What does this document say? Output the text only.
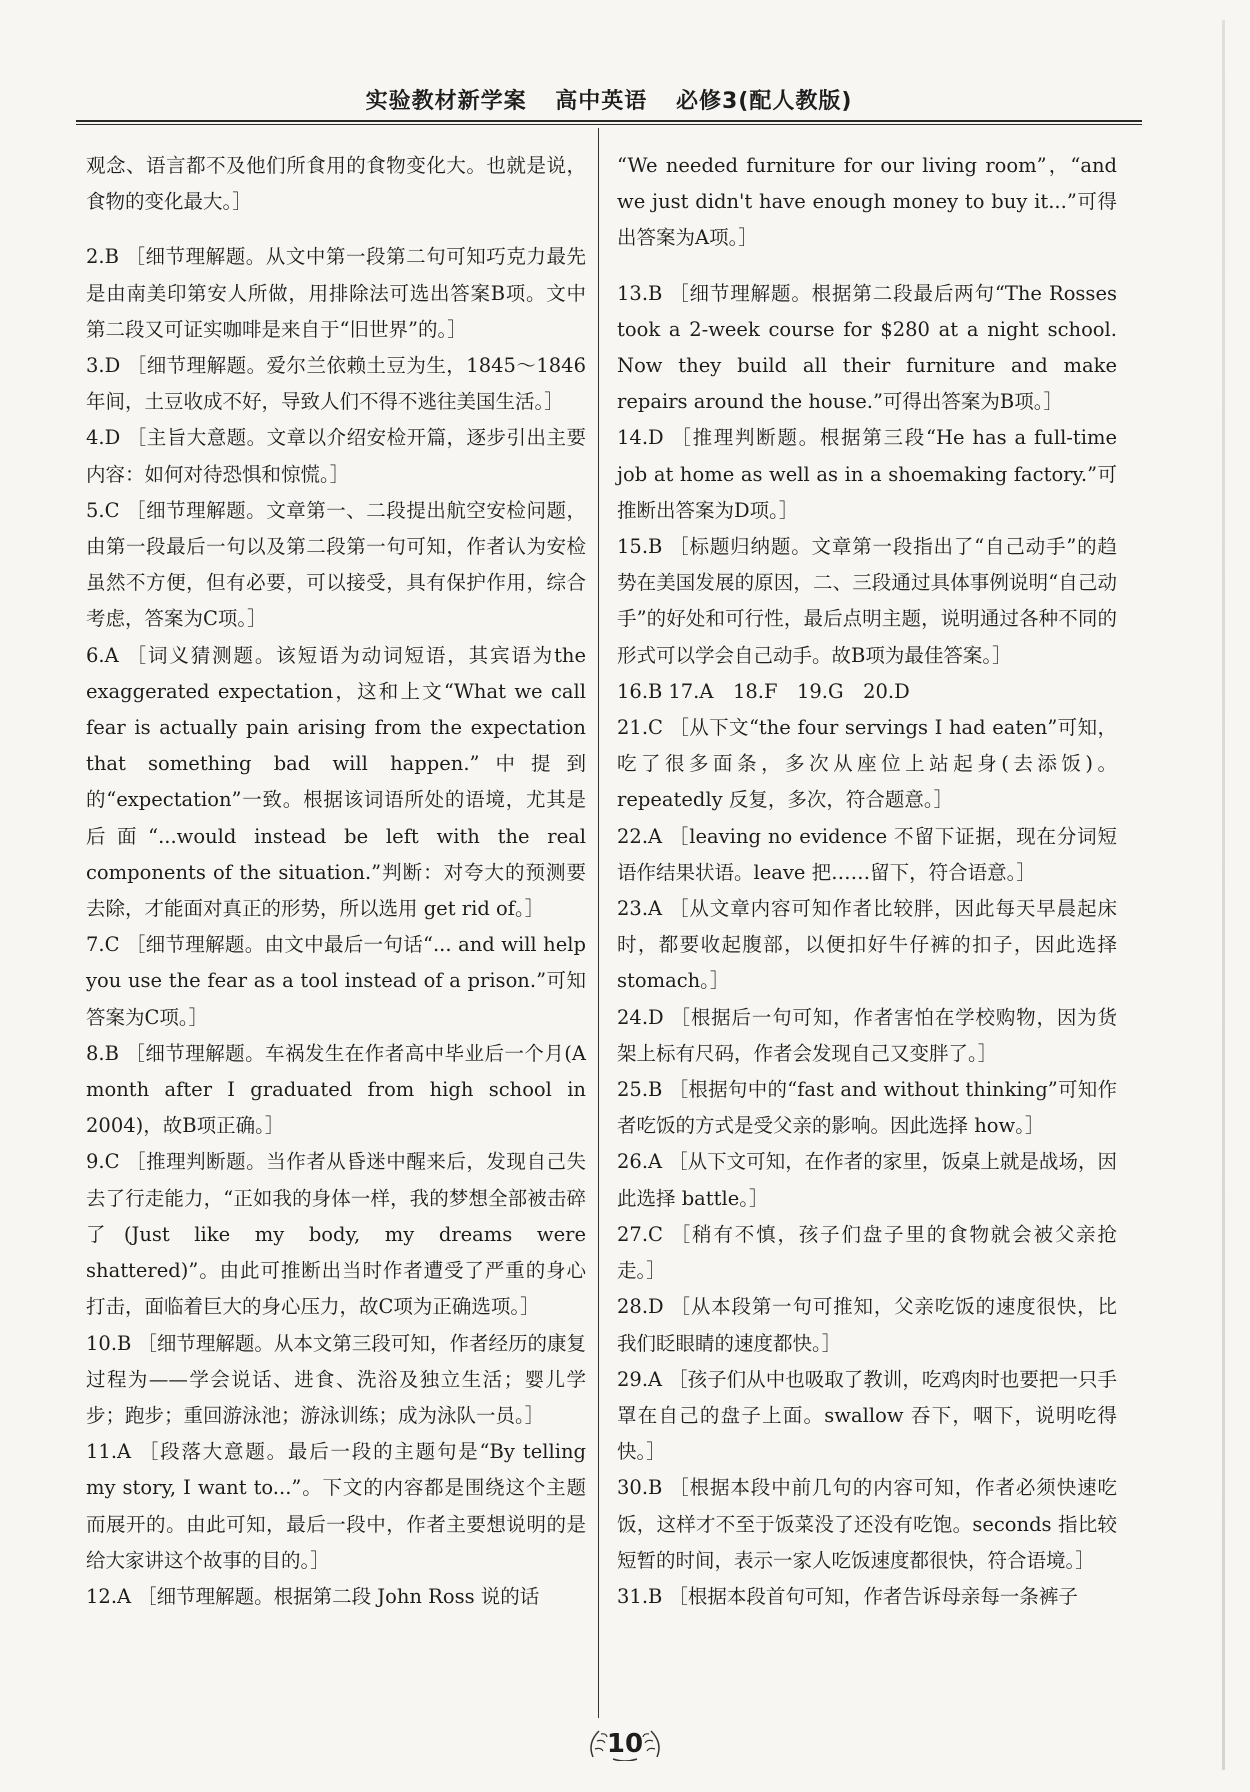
实验教材新学案 高中英语 必修3(配人教版)

观念、语言都不及他们所食用的食物变化大。也就是说，食物的变化最大。］

2.B ［细节理解题。从文中第一段第二句可知巧克力最先是由南美印第安人所做，用排除法可选出答案B项。文中第二段又可证实咖啡是来自于“旧世界”的。］

3.D ［细节理解题。爱尔兰依赖土豆为生，1845～1846年间，土豆收成不好，导致人们不得不逃往美国生活。］

4.D ［主旨大意题。文章以介绍安检开篇，逐步引出主要内容：如何对待恐惧和惊慌。］

5.C ［细节理解题。文章第一、二段提出航空安检问题，由第一段最后一句以及第二段第一句可知，作者认为安检虽然不方便，但有必要，可以接受，具有保护作用，综合考虑，答案为C项。］

6.A ［词义猜测题。该短语为动词短语，其宾语为the exaggerated expectation，这和上文“What we call fear is actually pain arising from the expectation that something bad will happen.”中提到的“expectation”一致。根据该词语所处的语境，尤其是后面“...would instead be left with the real components of the situation.”判断：对夸大的预测要去除，才能面对真正的形势，所以选用 get rid of。］

7.C ［细节理解题。由文中最后一句话“... and will help you use the fear as a tool instead of a prison.”可知答案为C项。］

8.B ［细节理解题。车祸发生在作者高中毕业后一个月(A month after I graduated from high school in 2004)，故B项正确。］

9.C ［推理判断题。当作者从昏迷中醒来后，发现自己失去了行走能力，“正如我的身体一样，我的梦想全部被击碎了(Just like my body, my dreams were shattered)”。由此可推断出当时作者遭受了严重的身心打击，面临着巨大的身心压力，故C项为正确选项。］

10.B ［细节理解题。从本文第三段可知，作者经历的康复过程为——学会说话、进食、洗浴及独立生活；婴儿学步；跑步；重回游泳池；游泳训练；成为泳队一员。］

11.A ［段落大意题。最后一段的主题句是“By telling my story, I want to...”。下文的内容都是围绕这个主题而展开的。由此可知，最后一段中，作者主要想说明的是给大家讲这个故事的目的。］

12.A ［细节理解题。根据第二段 John Ross 说的话

“We needed furniture for our living room”，“and we just didn't have enough money to buy it...”可得出答案为A项。］

13.B ［细节理解题。根据第二段最后两句“The Rosses took a 2-week course for $280 at a night school. Now they build all their furniture and make repairs around the house.”可得出答案为B项。］

14.D ［推理判断题。根据第三段“He has a full-time job at home as well as in a shoemaking factory.”可推断出答案为D项。］

15.B ［标题归纳题。文章第一段指出了“自己动手”的趋势在美国发展的原因，二、三段通过具体事例说明“自己动手”的好处和可行性，最后点明主题，说明通过各种不同的形式可以学会自己动手。故B项为最佳答案。］

16.B 17.A　18.F　19.G　20.D

21.C ［从下文“the four servings I had eaten”可知，吃了很多面条，多次从座位上站起身(去添饭)。repeatedly 反复，多次，符合题意。］

22.A ［leaving no evidence 不留下证据，现在分词短语作结果状语。leave 把……留下，符合语意。］

23.A ［从文章内容可知作者比较胖，因此每天早晨起床时，都要收起腹部，以便扣好牛仔裤的扣子，因此选择 stomach。］

24.D ［根据后一句可知，作者害怕在学校购物，因为货架上标有尺码，作者会发现自己又变胖了。］

25.B ［根据句中的“fast and without thinking”可知作者吃饭的方式是受父亲的影响。因此选择 how。］

26.A ［从下文可知，在作者的家里，饭桌上就是战场，因此选择 battle。］

27.C ［稍有不慎，孩子们盘子里的食物就会被父亲抢走。］

28.D ［从本段第一句可推知，父亲吃饭的速度很快，比我们眨眼睛的速度都快。］

29.A ［孩子们从中也吸取了教训，吃鸡肉时也要把一只手罩在自己的盘子上面。swallow 吞下，咽下，说明吃得快。］

30.B ［根据本段中前几句的内容可知，作者必须快速吃饭，这样才不至于饭菜没了还没有吃饱。seconds 指比较短暂的时间，表示一家人吃饭速度都很快，符合语境。］

31.B ［根据本段首句可知，作者告诉母亲每一条裤子

10
